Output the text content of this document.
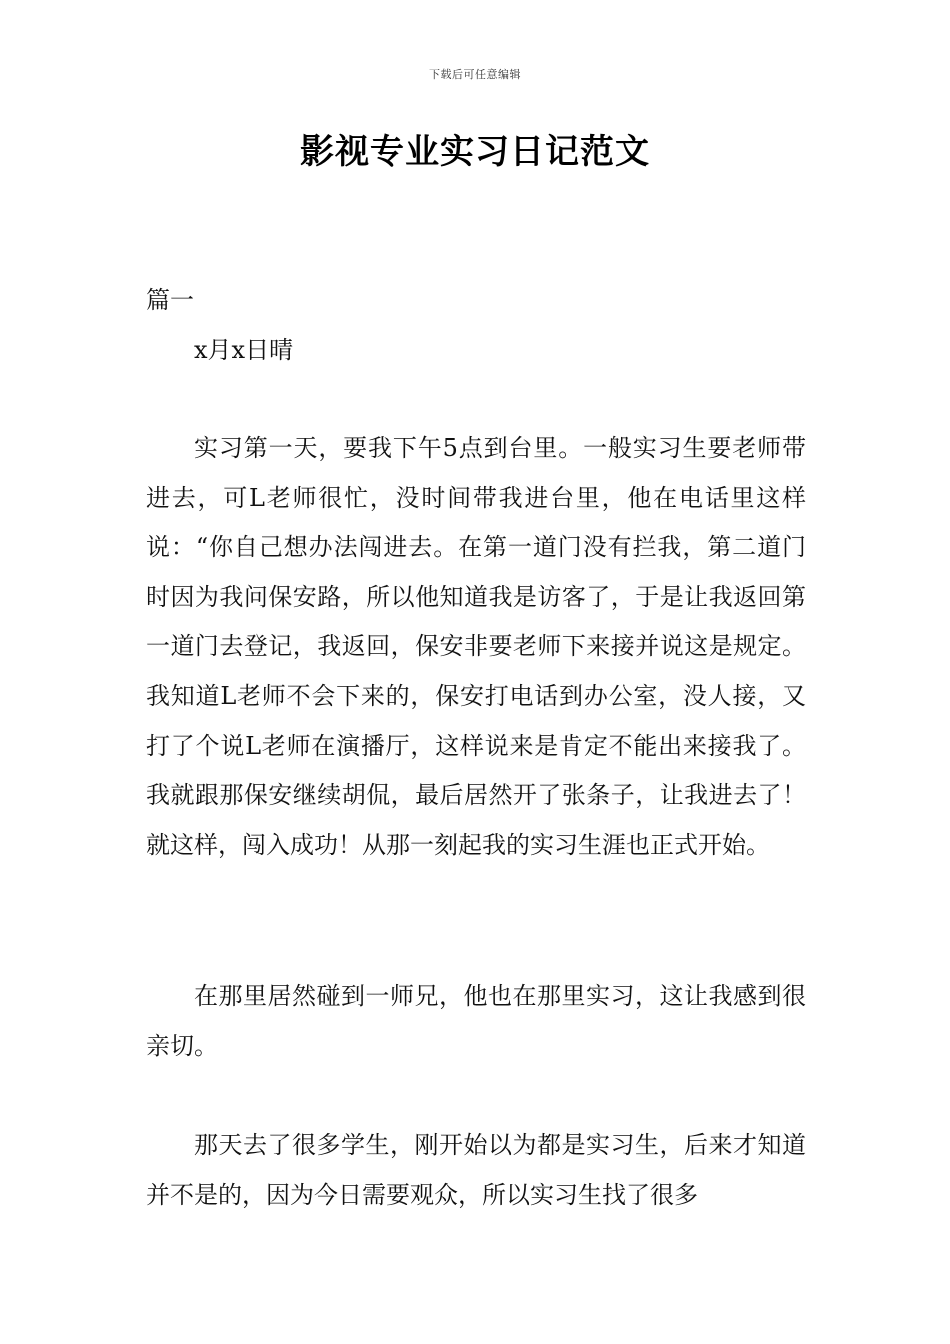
下载后可任意编辑
影视专业实习日记范文
篇一
x月x日晴

实习第一天，要我下午5点到台里。一般实习生要老师带进去，可L老师很忙，没时间带我进台里，他在电话里这样说：“你自己想办法闯进去。在第一道门没有拦我，第二道门时因为我问保安路，所以他知道我是访客了，于是让我返回第一道门去登记，我返回，保安非要老师下来接并说这是规定。我知道L老师不会下来的，保安打电话到办公室，没人接，又打了个说L老师在演播厅，这样说来是肯定不能出来接我了。我就跟那保安继续胡侃，最后居然开了张条子，让我进去了！就这样，闯入成功！从那一刻起我的实习生涯也正式开始。

在那里居然碰到一师兄，他也在那里实习，这让我感到很亲切。

那天去了很多学生，刚开始以为都是实习生，后来才知道并不是的，因为今日需要观众，所以实习生找了很多
